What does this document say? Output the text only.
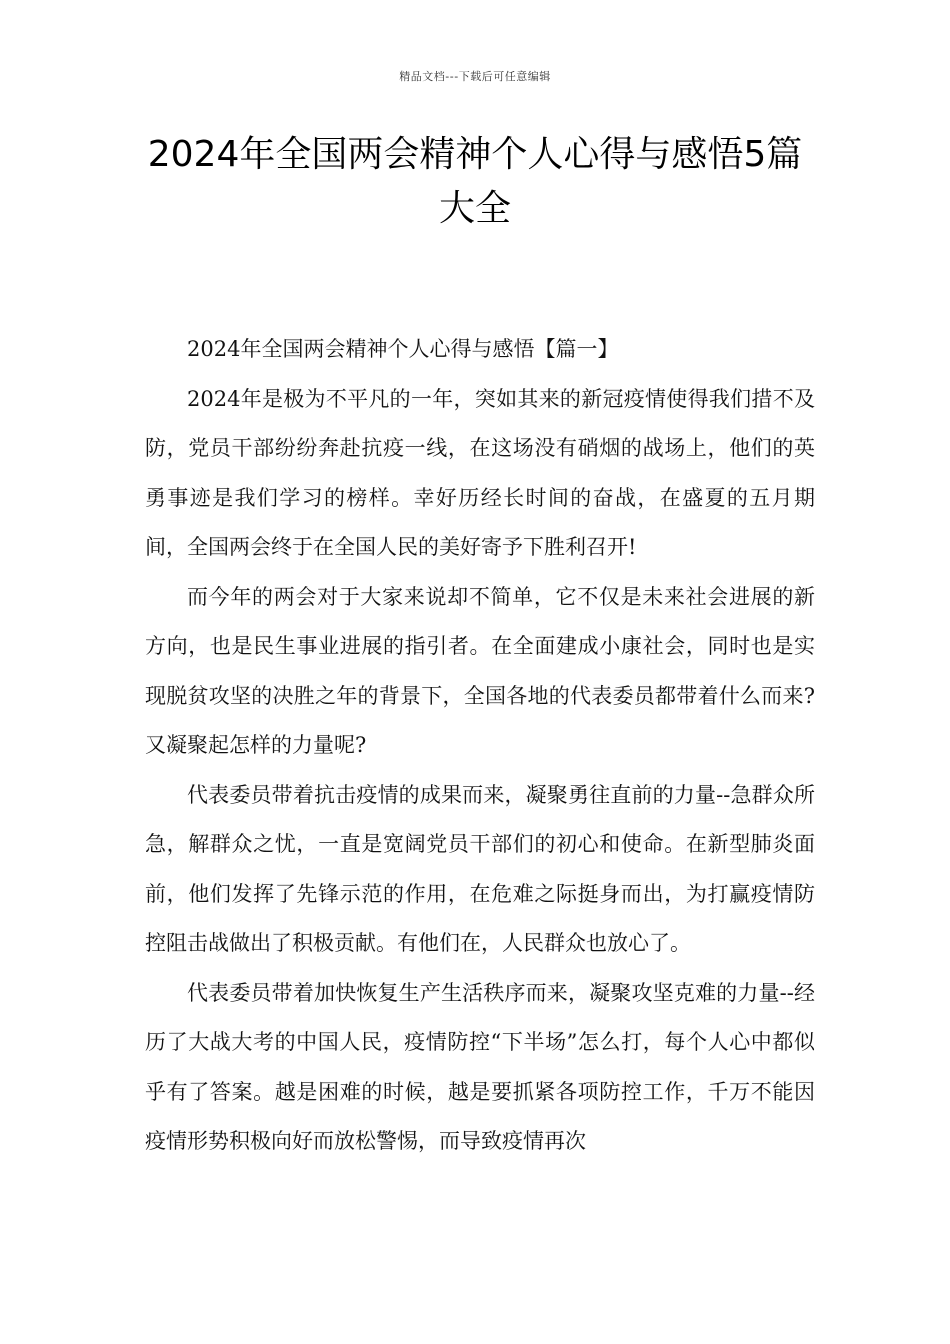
精品文档---下载后可任意编辑
2024年全国两会精神个人心得与感悟5篇大全

2024年全国两会精神个人心得与感悟【篇一】

2024年是极为不平凡的一年，突如其来的新冠疫情使得我们措不及防，党员干部纷纷奔赴抗疫一线，在这场没有硝烟的战场上，他们的英勇事迹是我们学习的榜样。幸好历经长时间的奋战，在盛夏的五月期间，全国两会终于在全国人民的美好寄予下胜利召开!

而今年的两会对于大家来说却不简单，它不仅是未来社会进展的新方向，也是民生事业进展的指引者。在全面建成小康社会，同时也是实现脱贫攻坚的决胜之年的背景下，全国各地的代表委员都带着什么而来?又凝聚起怎样的力量呢?

代表委员带着抗击疫情的成果而来，凝聚勇往直前的力量--急群众所急，解群众之忧，一直是宽阔党员干部们的初心和使命。在新型肺炎面前，他们发挥了先锋示范的作用，在危难之际挺身而出，为打赢疫情防控阻击战做出了积极贡献。有他们在，人民群众也放心了。

代表委员带着加快恢复生产生活秩序而来，凝聚攻坚克难的力量--经历了大战大考的中国人民，疫情防控“下半场”怎么打，每个人心中都似乎有了答案。越是困难的时候，越是要抓紧各项防控工作，千万不能因疫情形势积极向好而放松警惕，而导致疫情再次
